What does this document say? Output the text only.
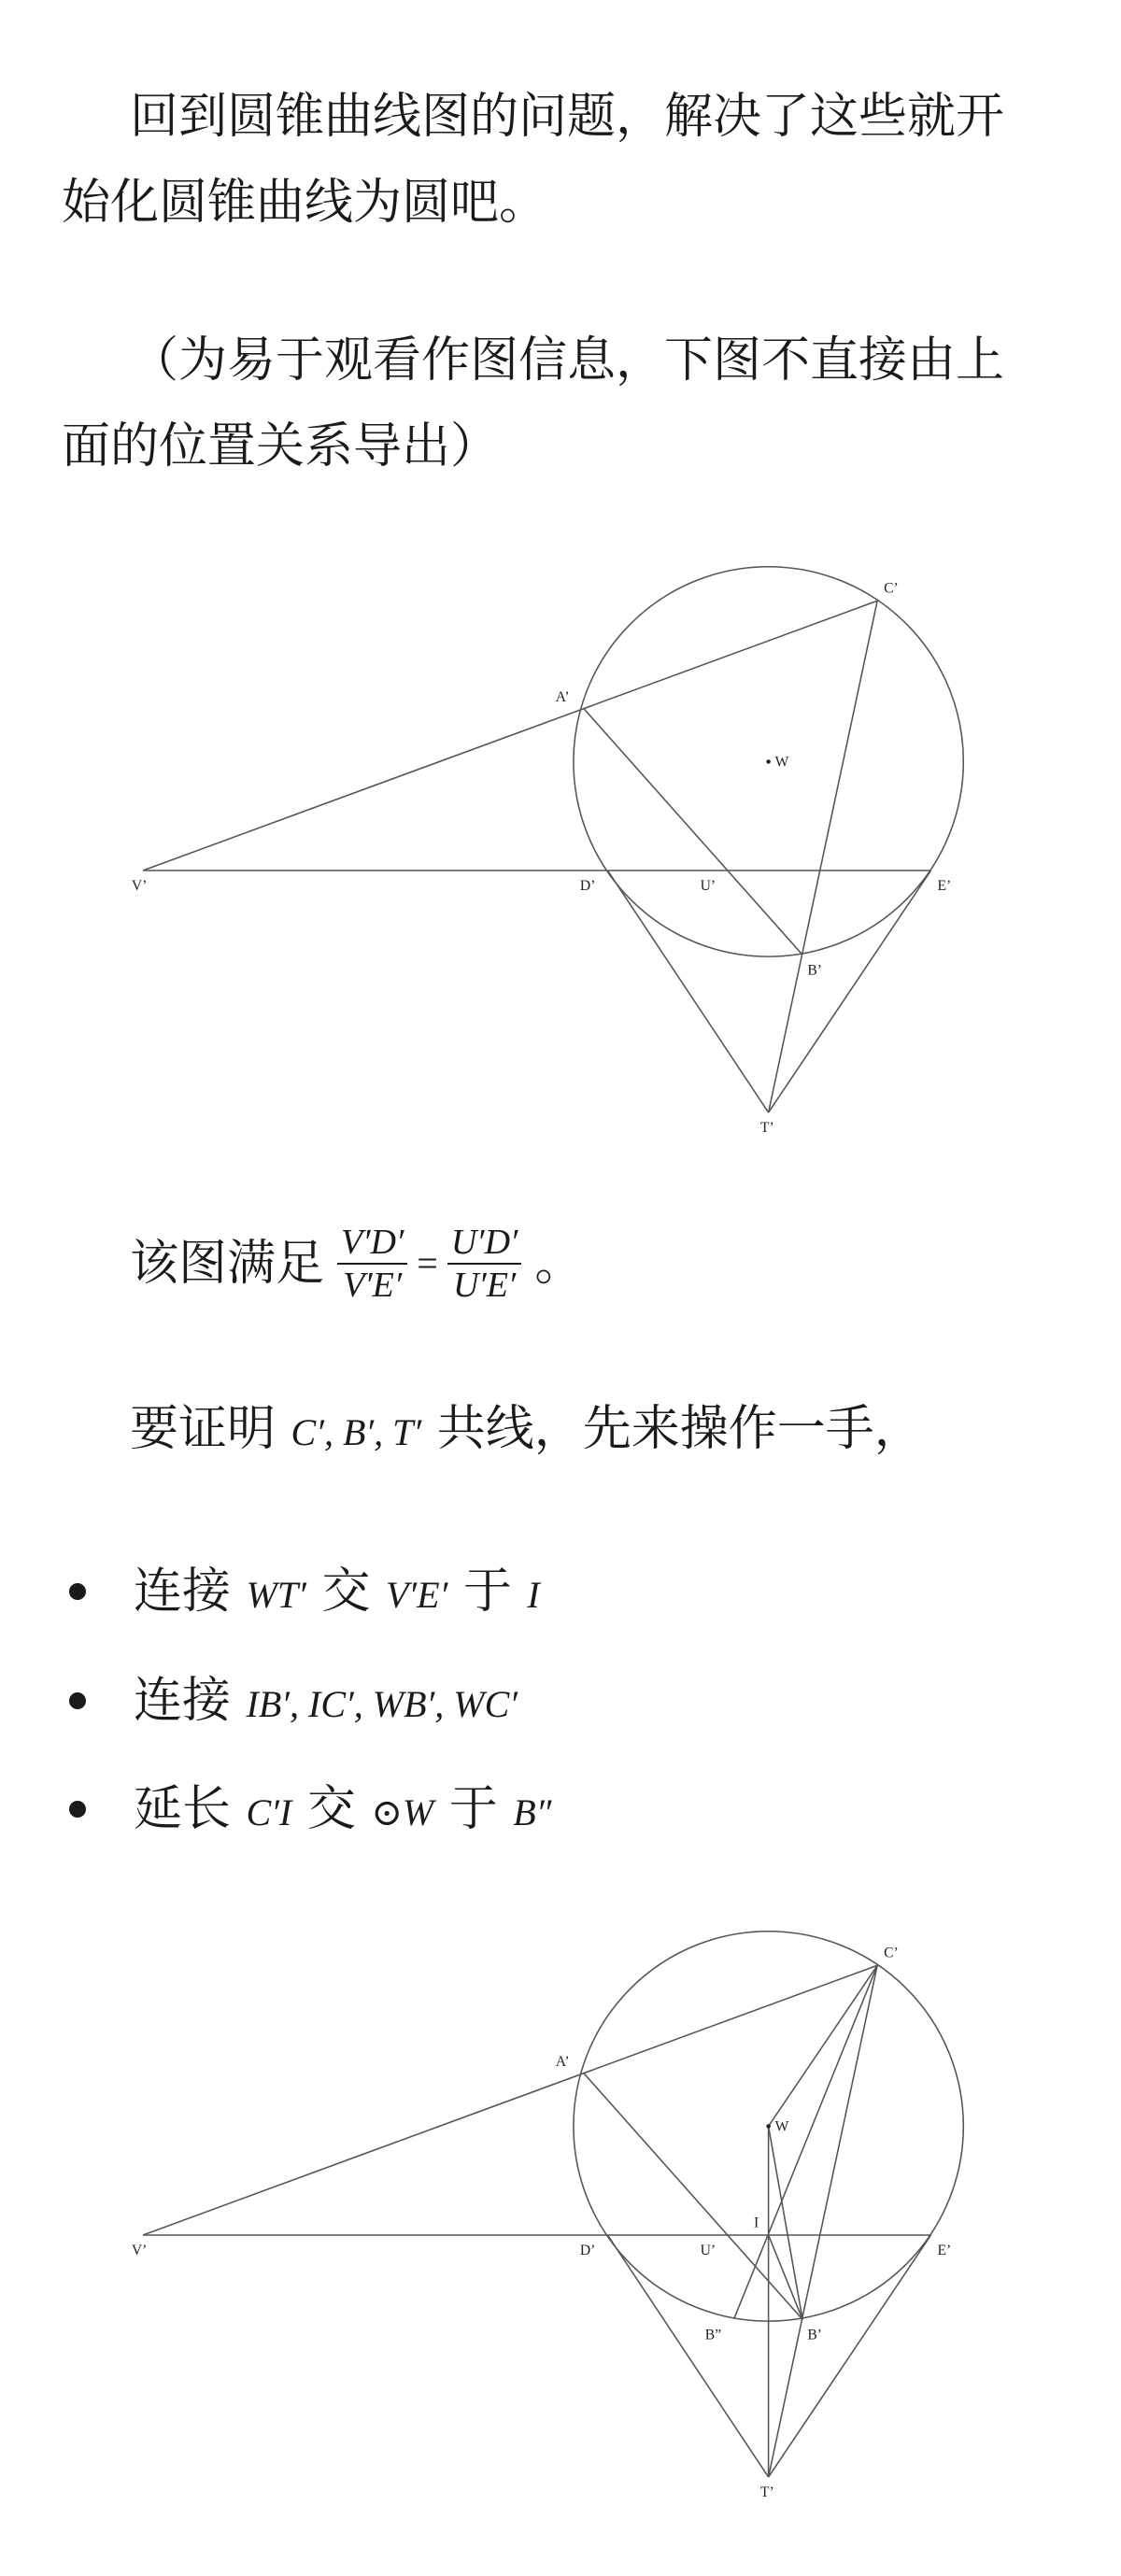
回到圆锥曲线图的问题，解决了这些就开
始化圆锥曲线为圆吧。
（为易于观看作图信息，下图不直接由上
面的位置关系导出）
C’
A’
W
V’	D’	U’	E’
B’
T’
该图满足 $\frac{V'D'}{V'E'} = \frac{U'D'}{U'E'}$ 。
要证明 C′, B′, T′ 共线，先来操作一手，
连接 WT′ 交 V′E′ 于 I
连接 IB′, IC′, WB′, WC′
延长 C′I 交 ⊙W 于 B″
C’
A’
W
I
V’	D’	U’	E’
B”	B’
T’
